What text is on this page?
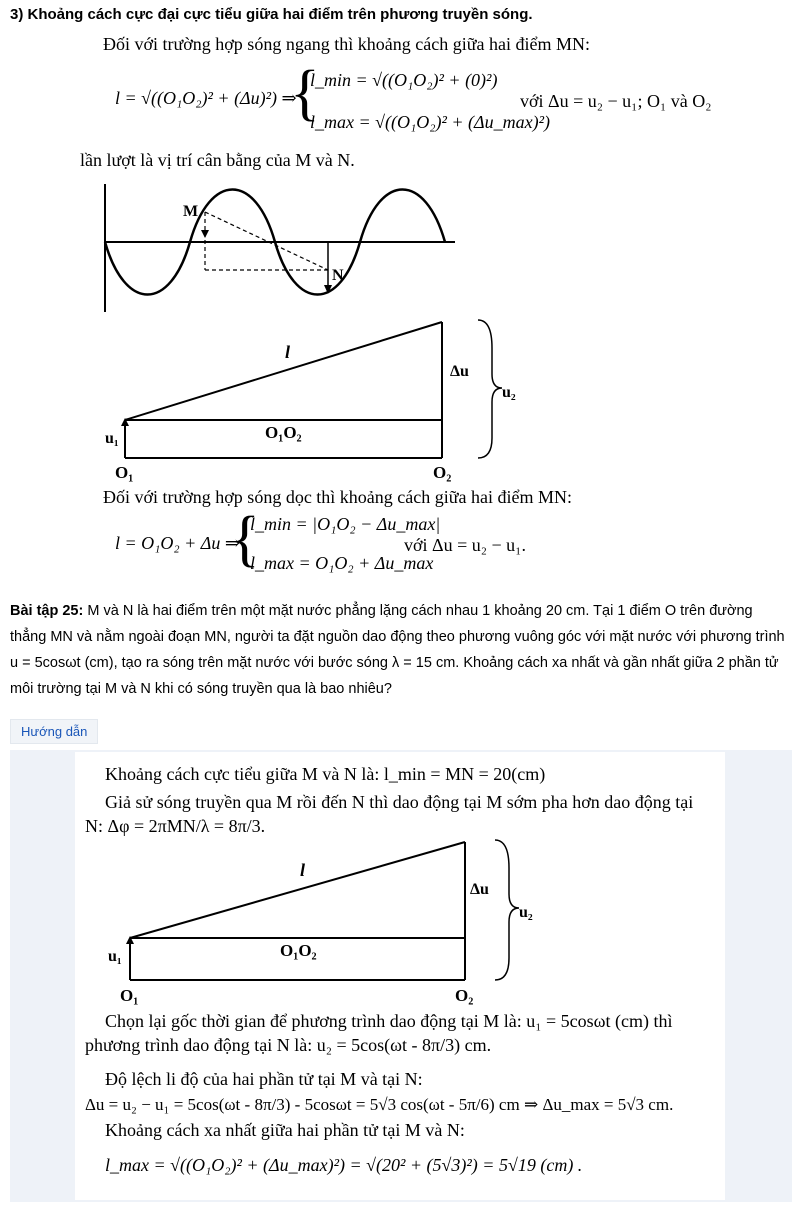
3) Khoảng cách cực đại cực tiểu giữa hai điểm trên phương truyền sóng.
Đối với trường hợp sóng ngang thì khoảng cách giữa hai điểm MN:
l = √((O₁O₂)² + (Δu)²) ⇒
{
l_min = √((O₁O₂)² + (0)²)
l_max = √((O₁O₂)² + (Δu_max)²)
với Δu = u₂ − u₁; O₁ và O₂
lần lượt là vị trí cân bằng của M và N.
M
N
l
Δu
u₂
u₁	O₁O₂
O₁	O₂
Đối với trường hợp sóng dọc thì khoảng cách giữa hai điểm MN:
l = O₁O₂ + Δu ⇒
{
l_min = |O₁O₂ − Δu_max|
l_max = O₁O₂ + Δu_max
với Δu = u₂ − u₁.
Bài tập 25: M và N là hai điểm trên một mặt nước phẳng lặng cách nhau 1 khoảng 20 cm. Tại 1 điểm O trên đường thẳng MN và nằm ngoài đoạn MN, người ta đặt nguồn dao động theo phương vuông góc với mặt nước với phương trình u = 5cosωt (cm), tạo ra sóng trên mặt nước với bước sóng λ = 15 cm. Khoảng cách xa nhất và gần nhất giữa 2 phần tử môi trường tại M và N khi có sóng truyền qua là bao nhiêu?
Hướng dẫn
Khoảng cách cực tiểu giữa M và N là: l_min = MN = 20(cm)
Giả sử sóng truyền qua M rồi đến N thì dao động tại M sớm pha hơn dao động tại
N: Δφ = 2πMN/λ = 8π/3.
l
Δu
u₂
u₁	O₁O₂
O₁	O₂
Chọn lại gốc thời gian để phương trình dao động tại M là: u₁ = 5cosωt (cm) thì
phương trình dao động tại N là: u₂ = 5cos(ωt - 8π/3) cm.
Độ lệch li độ của hai phần tử tại M và tại N:
Δu = u₂ − u₁ = 5cos(ωt - 8π/3) - 5cosωt = 5√3 cos(ωt - 5π/6) cm ⇒ Δu_max = 5√3 cm.
Khoảng cách xa nhất giữa hai phần tử tại M và N:
l_max = √((O₁O₂)² + (Δu_max)²) = √(20² + (5√3)²) = 5√19 (cm) .
